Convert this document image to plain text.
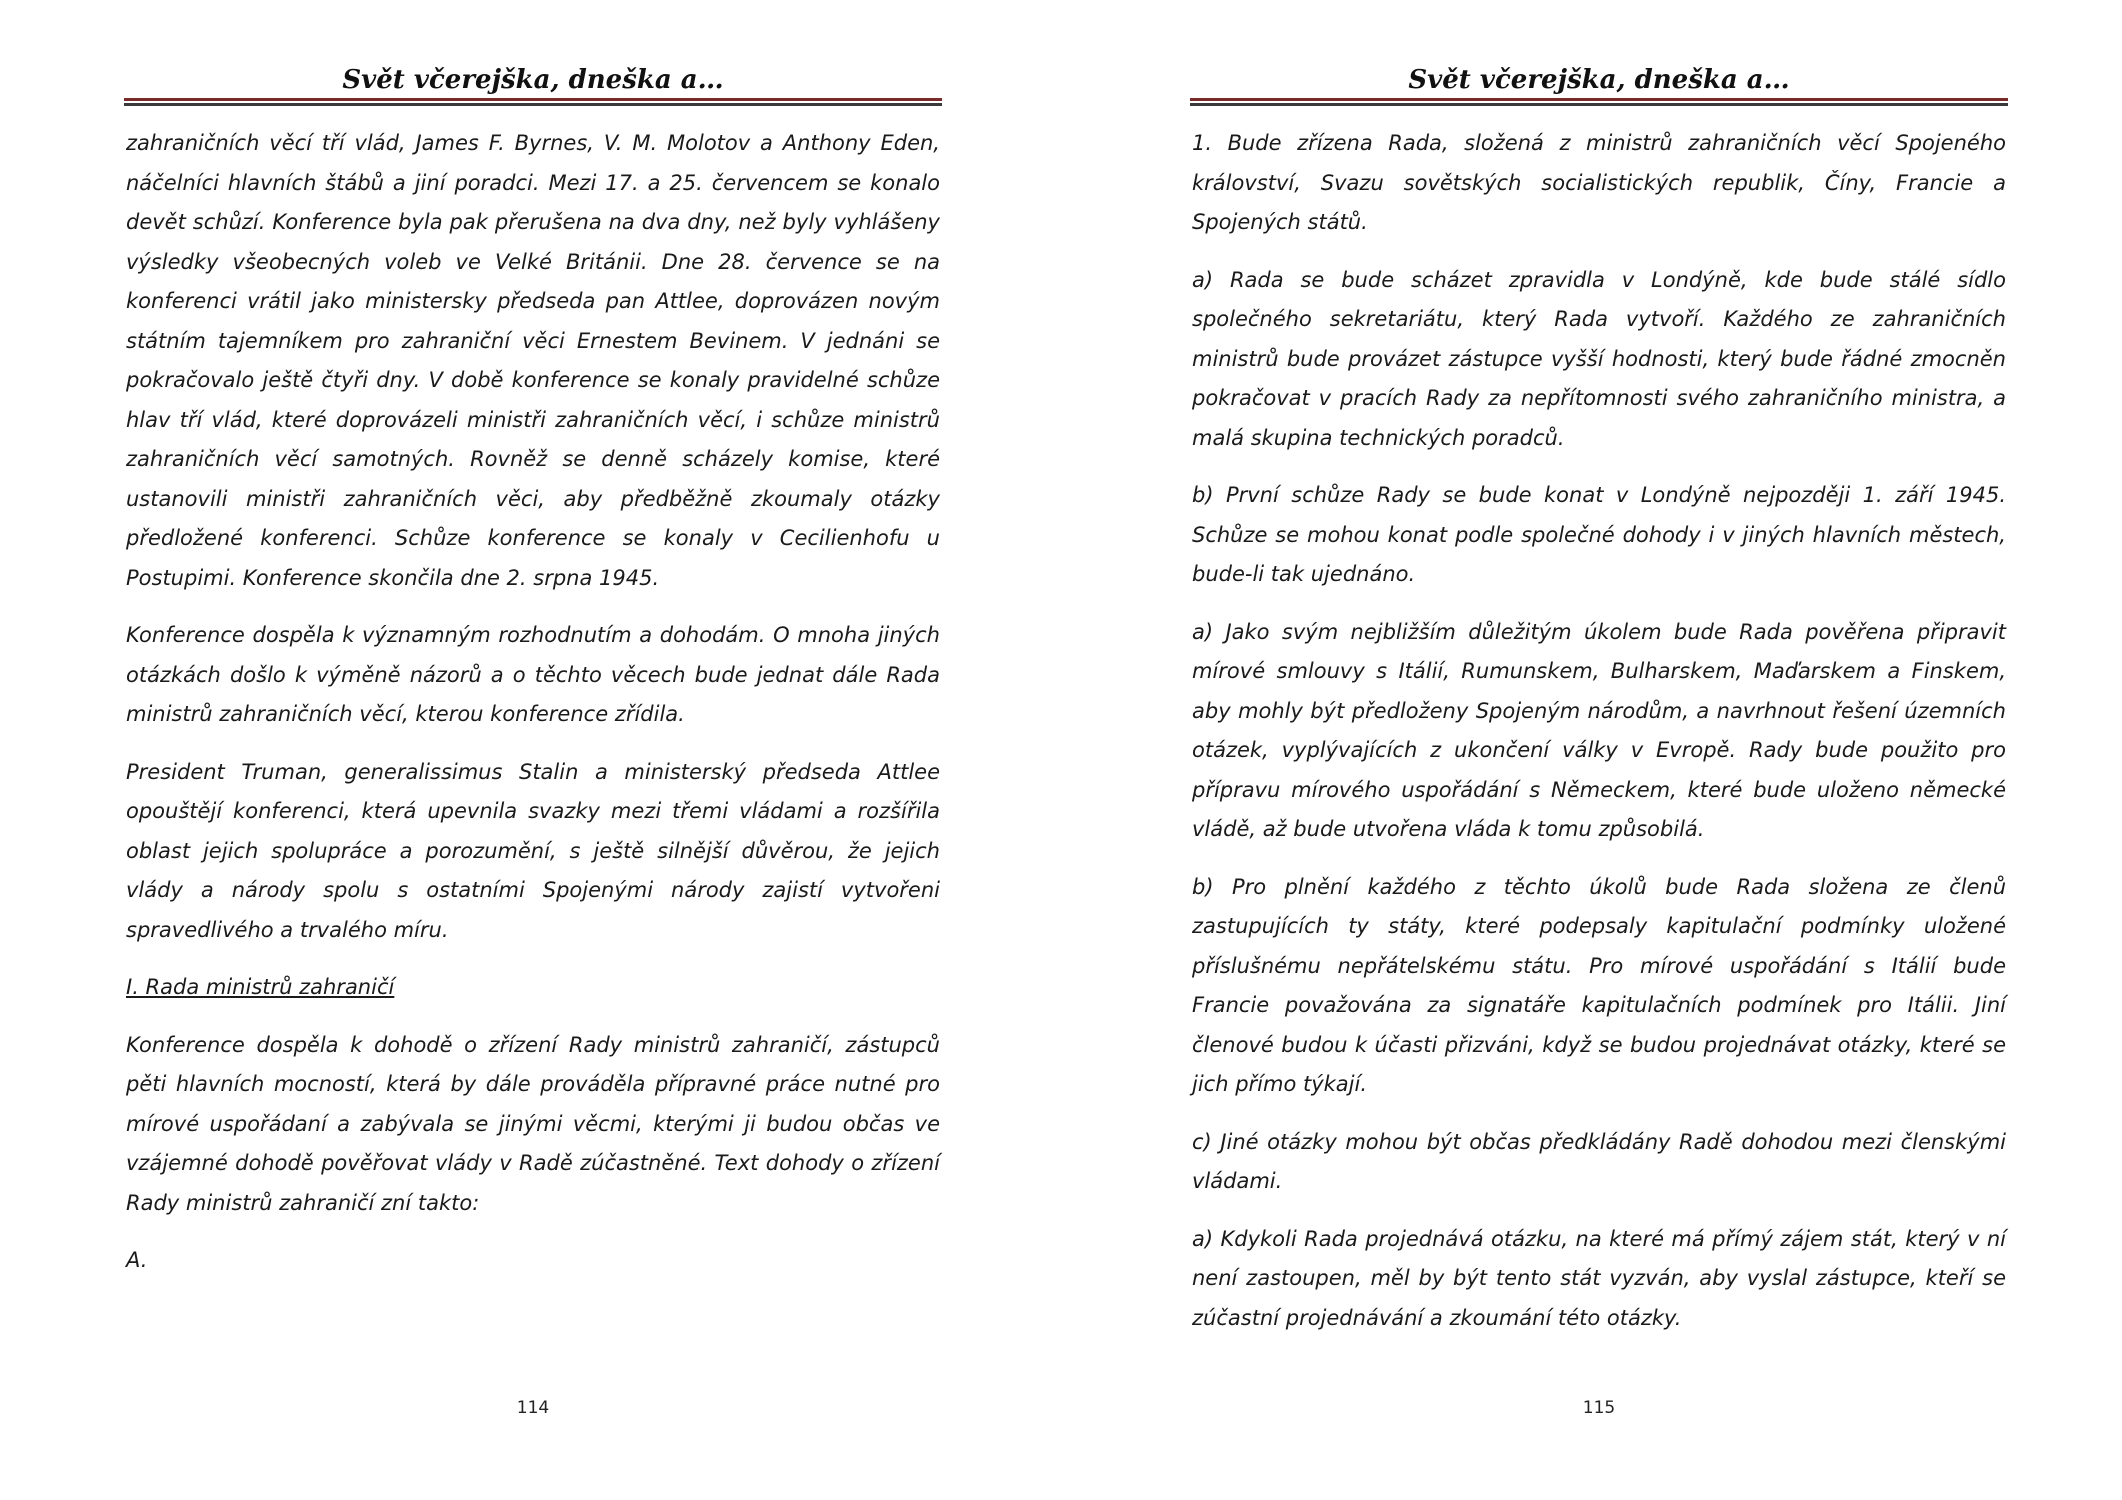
Svět včerejška, dneška a…

zahraničních věcí tří vlád, James F. Byrnes, V. M. Molotov a Anthony Eden, náčelníci hlavních štábů a jiní poradci. Mezi 17. a 25. červencem se konalo devět schůzí. Konference byla pak přerušena na dva dny, než byly vyhlášeny výsledky všeobecných voleb ve Velké Británii. Dne 28. července se na konferenci vrátil jako ministersky předseda pan Attlee, doprovázen novým státním tajemníkem pro zahraniční věci Ernestem Bevinem. V jednáni se pokračovalo ještě čtyři dny. V době konference se konaly pravidelné schůze hlav tří vlád, které doprovázeli ministři zahraničních věcí, i schůze ministrů zahraničních věcí samotných. Rovněž se denně scházely komise, které ustanovili ministři zahraničních věci, aby předběžně zkoumaly otázky předložené konferenci. Schůze konference se konaly v Cecilienhofu u Postupimi. Konference skončila dne 2. srpna 1945.

Konference dospěla k významným rozhodnutím a dohodám. O mnoha jiných otázkách došlo k výměně názorů a o těchto věcech bude jednat dále Rada ministrů zahraničních věcí, kterou konference zřídila.

President Truman, generalissimus Stalin a ministerský předseda Attlee opouštějí konferenci, která upevnila svazky mezi třemi vládami a rozšířila oblast jejich spolupráce a porozumění, s ještě silnější důvěrou, že jejich vlády a národy spolu s ostatními Spojenými národy zajistí vytvořeni spravedlivého a trvalého míru.

I. Rada ministrů zahraničí

Konference dospěla k dohodě o zřízení Rady ministrů zahraničí, zástupců pěti hlavních mocností, která by dále prováděla přípravné práce nutné pro mírové uspořádaní a zabývala se jinými věcmi, kterými ji budou občas ve vzájemné dohodě pověřovat vlády v Radě zúčastněné. Text dohody o zřízení Rady ministrů zahraničí zní takto:

A.

114
Svět včerejška, dneška a…

1. Bude zřízena Rada, složená z ministrů zahraničních věcí Spojeného království, Svazu sovětských socialistických republik, Číny, Francie a Spojených států.

a) Rada se bude scházet zpravidla v Londýně, kde bude stálé sídlo společného sekretariátu, který Rada vytvoří. Každého ze zahraničních ministrů bude provázet zástupce vyšší hodnosti, který bude řádné zmocněn pokračovat v pracích Rady za nepřítomnosti svého zahraničního ministra, a malá skupina technických poradců.

b) První schůze Rady se bude konat v Londýně nejpozději 1. září 1945. Schůze se mohou konat podle společné dohody i v jiných hlavních městech, bude-li tak ujednáno.

a) Jako svým nejbližším důležitým úkolem bude Rada pověřena připravit mírové smlouvy s Itálií, Rumunskem, Bulharskem, Maďarskem a Finskem, aby mohly být předloženy Spojeným národům, a navrhnout řešení územních otázek, vyplývajících z ukončení války v Evropě. Rady bude použito pro přípravu mírového uspořádání s Německem, které bude uloženo německé vládě, až bude utvořena vláda k tomu způsobilá.

b) Pro plnění každého z těchto úkolů bude Rada složena ze členů zastupujících ty státy, které podepsaly kapitulační podmínky uložené příslušnému nepřátelskému státu. Pro mírové uspořádání s Itálií bude Francie považována za signatáře kapitulačních podmínek pro Itálii. Jiní členové budou k účasti přizváni, když se budou projednávat otázky, které se jich přímo týkají.

c) Jiné otázky mohou být občas předkládány Radě dohodou mezi členskými vládami.

a) Kdykoli Rada projednává otázku, na které má přímý zájem stát, který v ní není zastoupen, měl by být tento stát vyzván, aby vyslal zástupce, kteří se zúčastní projednávání a zkoumání této otázky.

115
